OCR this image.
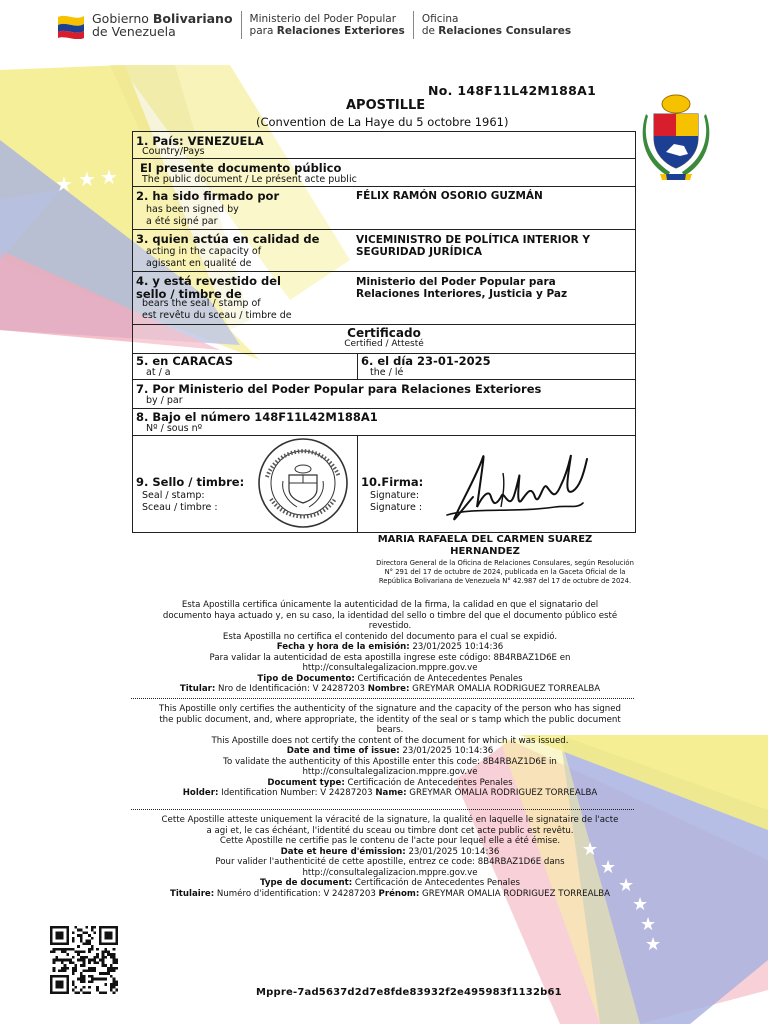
★ ★ ★
★
★
★
★
★
★
Gobierno Bolivariano
de Venezuela
Ministerio del Poder Popular
para Relaciones Exteriores
Oficina
de Relaciones Consulares
No. 148F11L42M188A1
APOSTILLE
(Convention de La Haye du 5 octobre 1961)
1. País: VENEZUELA
Country/Pays
El presente documento público
The public document / Le présent acte public
2. ha sido firmado por
has been signed by
a été signé par
FÉLIX RAMÓN OSORIO GUZMÁN
3. quien actúa en calidad de
acting in the capacity of
agissant en qualité de
VICEMINISTRO DE POLÍTICA INTERIOR Y
SEGURIDAD JURÍDICA
4. y está revestido del
sello / timbre de
bears the seal / stamp of
est revêtu du sceau / timbre de
Ministerio del Poder Popular para
Relaciones Interiores, Justicia y Paz
Certificado
Certified / Attesté
5. en CARACAS
at / a
6. el día 23-01-2025
the / lé
7. Por Ministerio del Poder Popular para Relaciones Exteriores
by / par
8. Bajo el número 148F11L42M188A1
Nº / sous nº
9. Sello / timbre:
Seal / stamp:
Sceau / timbre :
10.Firma:
Signature:
Signature :
MARIA RAFAELA DEL CARMEN SUAREZ
HERNANDEZ
Directora General de la Oficina de Relaciones Consulares, según Resolución
N° 291 del 17 de octubre de 2024, publicada en la Gaceta Oficial de la
República Bolivariana de Venezuela N° 42.987 del 17 de octubre de 2024.

Esta Apostilla certifica únicamente la autenticidad de la firma, la calidad en que el signatario del

documento haya actuado y, en su caso, la identidad del sello o timbre del que el documento público esté

revestido.

Esta Apostilla no certifica el contenido del documento para el cual se expidió.

Fecha y hora de la emisión: 23/01/2025 10:14:36

Para validar la autenticidad de esta apostilla ingrese este código: 8B4RBAZ1D6E en

http://consultalegalizacion.mppre.gov.ve

Tipo de Documento: Certificación de Antecedentes Penales

Titular: Nro de Identificación: V 24287203 Nombre: GREYMAR OMALIA RODRIGUEZ TORREALBA

This Apostille only certifies the authenticity of the signature and the capacity of the person who has signed

the public document, and, where appropriate, the identity of the seal or s tamp which the public document

bears.

This Apostille does not certify the content of the document for which it was issued.

Date and time of issue: 23/01/2025 10:14:36

To validate the authenticity of this Apostille enter this code: 8B4RBAZ1D6E in

http://consultalegalizacion.mppre.gov.ve

Document type: Certificación de Antecedentes Penales

Holder: Identification Number: V 24287203 Name: GREYMAR OMALIA RODRIGUEZ TORREALBA

Cette Apostille atteste uniquement la véracité de la signature, la qualité en laquelle le signataire de l'acte

a agi et, le cas échéant, l'identité du sceau ou timbre dont cet acte public est revêtu.

Cette Apostille ne certifie pas le contenu de l'acte pour lequel elle a été émise.

Date et heure d'émission: 23/01/2025 10:14:36

Pour valider l'authenticité de cette apostille, entrez ce code: 8B4RBAZ1D6E dans

http://consultalegalizacion.mppre.gov.ve

Type de document: Certificación de Antecedentes Penales

Titulaire: Numéro d'identification: V 24287203 Prénom: GREYMAR OMALIA RODRIGUEZ TORREALBA

Mppre-7ad5637d2d7e8fde83932f2e495983f1132b61
